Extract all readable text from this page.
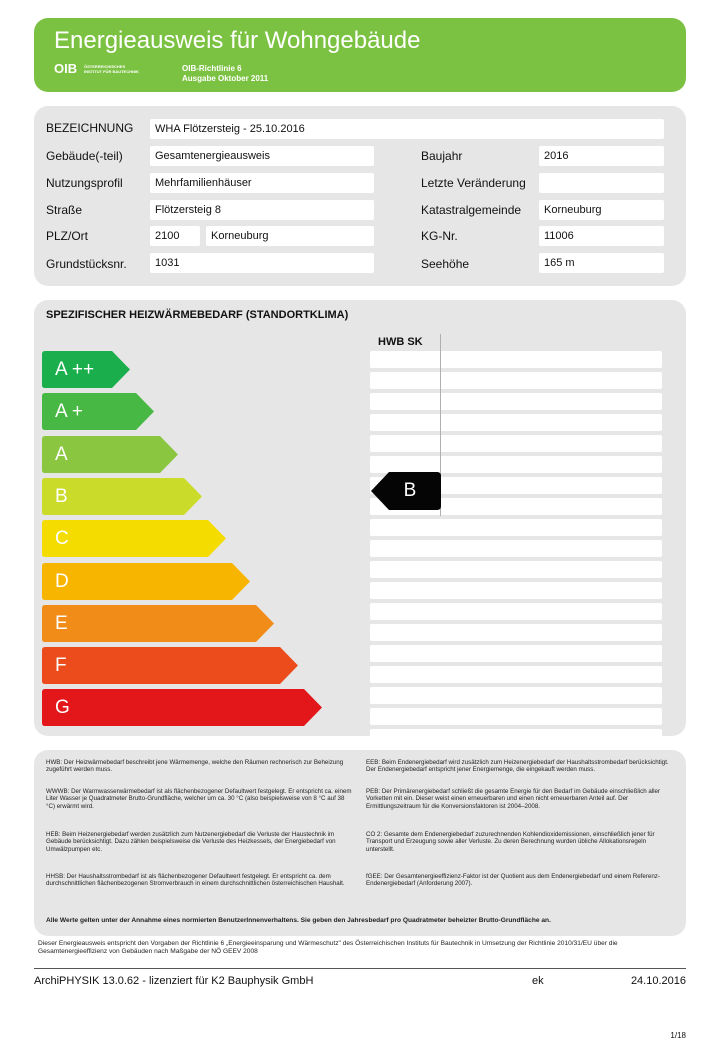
Energieausweis für Wohngebäude
OIB ÖSTERREICHISCHES INSTITUT FÜR BAUTECHNIK	OIB-Richtlinie 6
Ausgabe Oktober 2011
BEZEICHNUNG	WHA Flötzersteig - 25.10.2016
Gebäude(-teil)	Gesamtenergieausweis
Nutzungsprofil	Mehrfamilienhäuser
Straße	Flötzersteig 8
PLZ/Ort	2100	Korneuburg
Grundstücksnr.	1031
Baujahr	2016
Letzte Veränderung
Katastralgemeinde	Korneuburg
KG-Nr.	11006
Seehöhe	165 m
SPEZIFISCHER HEIZWÄRMEBEDARF (STANDORTKLIMA)
HWB SK
A ++
A +
A
B
C
D
E
F
G
B
HWB: Der Heizwärmebedarf beschreibt jene Wärmemenge, welche den Räumen rechnerisch zur Beheizung zugeführt werden muss.
WWWB: Der Warmwasserwärmebedarf ist als flächenbezogener Defaultwert festgelegt. Er entspricht ca. einem Liter Wasser je Quadratmeter Brutto-Grundfläche, welcher um ca. 30 °C (also beispielsweise von 8 °C auf 38 °C) erwärmt wird.
HEB: Beim Heizenergiebedarf werden zusätzlich zum Nutzenergiebedarf die Verluste der Haustechnik im Gebäude berücksichtigt. Dazu zählen beispielsweise die Verluste des Heizkessels, der Energiebedarf von Umwälzpumpen etc.
HHSB: Der Haushaltsstrombedarf ist als flächenbezogener Defaultwert festgelegt. Er entspricht ca. dem durchschnittlichen flächenbezogenen Stromverbrauch in einem durchschnittlichen österreichischen Haushalt.
EEB: Beim Endenergiebedarf wird zusätzlich zum Heizenergiebedarf der Haushaltsstrombedarf berücksichtigt. Der Endenergiebedarf entspricht jener Energiemenge, die eingekauft werden muss.
PEB: Der Primärenergiebedarf schließt die gesamte Energie für den Bedarf im Gebäude einschließlich aller Vorketten mit ein. Dieser weist einen erneuerbaren und einen nicht erneuerbaren Anteil auf. Der Ermittlungszeitraum für die Konversionsfaktoren ist 2004–2008.
CO 2: Gesamte dem Endenergiebedarf zuzurechnenden Kohlendioxidemissionen, einschließlich jener für Transport und Erzeugung sowie aller Verluste. Zu deren Berechnung wurden übliche Allokationsregeln unterstellt.
fGEE: Der Gesamtenergieeffizienz-Faktor ist der Quotient aus dem Endenergiebedarf und einem Referenz-Endenergiebedarf (Anforderung 2007).
Alle Werte gelten unter der Annahme eines normierten BenutzerInnenverhaltens. Sie geben den Jahresbedarf pro Quadratmeter beheizter Brutto-Grundfläche an.
Dieser Energieausweis entspricht den Vorgaben der Richtlinie 6 „Energieeinsparung und Wärmeschutz" des Österreichischen Instituts für Bautechnik in Umsetzung der Richtlinie 2010/31/EU über die Gesamtenergieeffizienz von Gebäuden nach Maßgabe der NÖ GEEV 2008
ArchiPHYSIK 13.0.62 - lizenziert für K2 Bauphysik GmbH	ek	24.10.2016
1/18
